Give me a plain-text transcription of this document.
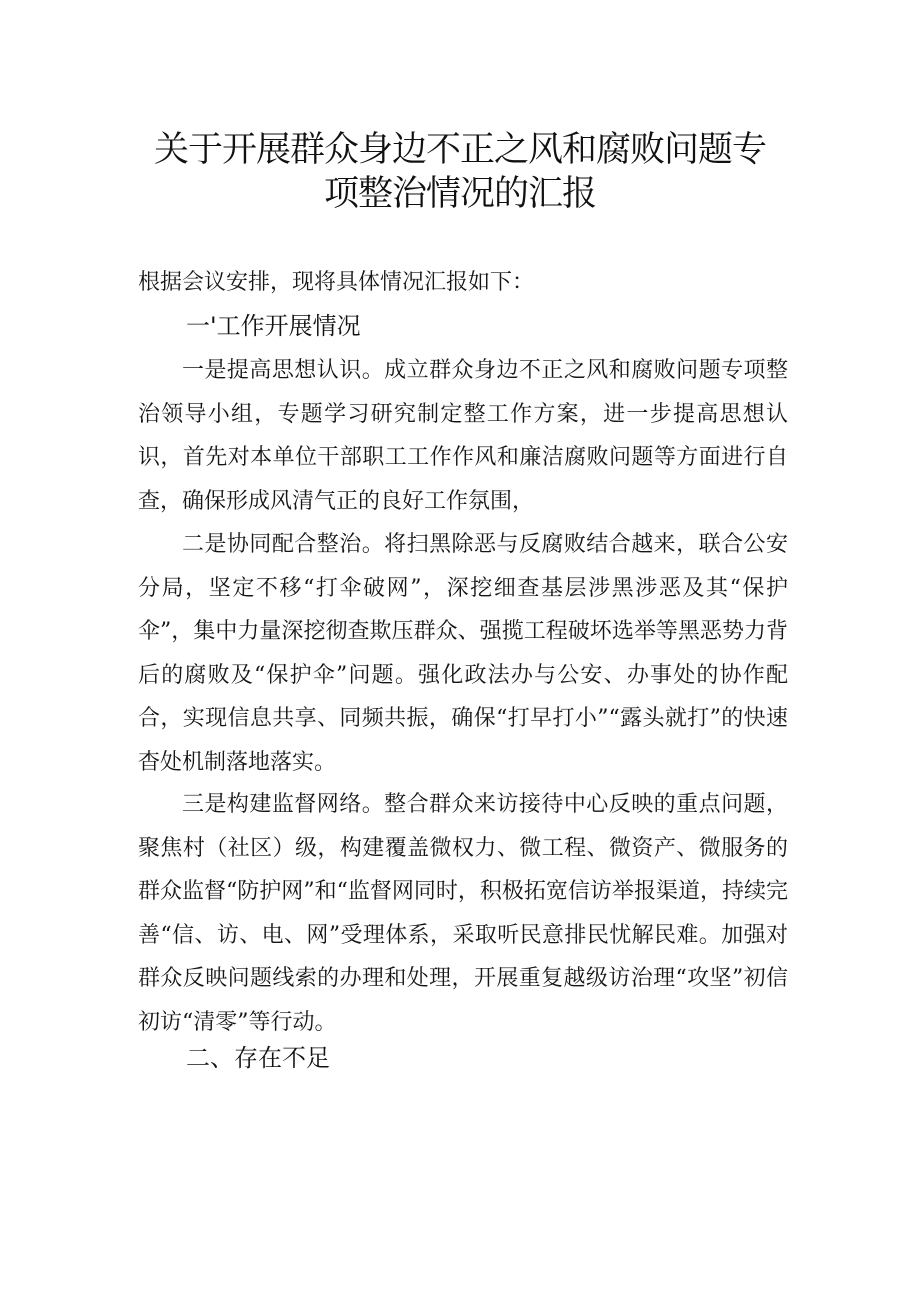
关于开展群众身边不正之风和腐败问题专
项整治情况的汇报
根据会议安排，现将具体情况汇报如下：
一'工作开展情况
一是提高思想认识。成立群众身边不正之风和腐败问题专项整治领导小组，专题学习研究制定整工作方案，进一步提高思想认识，首先对本单位干部职工工作作风和廉洁腐败问题等方面进行自查，确保形成风清气正的良好工作氛围，
二是协同配合整治。将扫黑除恶与反腐败结合越来，联合公安分局，坚定不移“打伞破网”，深挖细查基层涉黑涉恶及其“保护伞”，集中力量深挖彻查欺压群众、强揽工程破坏选举等黑恶势力背后的腐败及“保护伞”问题。强化政法办与公安、办事处的协作配合，实现信息共享、同频共振，确保“打早打小”“露头就打”的快速杳处机制落地落实。
三是构建监督网络。整合群众来访接待中心反映的重点问题，聚焦村（社区）级，构建覆盖微权力、微工程、微资产、微服务的群众监督“防护网”和“监督网同时，积极拓宽信访举报渠道，持续完善“信、访、电、网”受理体系，采取听民意排民忧解民难。加强对群众反映问题线索的办理和处理，开展重复越级访治理“攻坚”初信初访“清零”等行动。
二、存在不足
